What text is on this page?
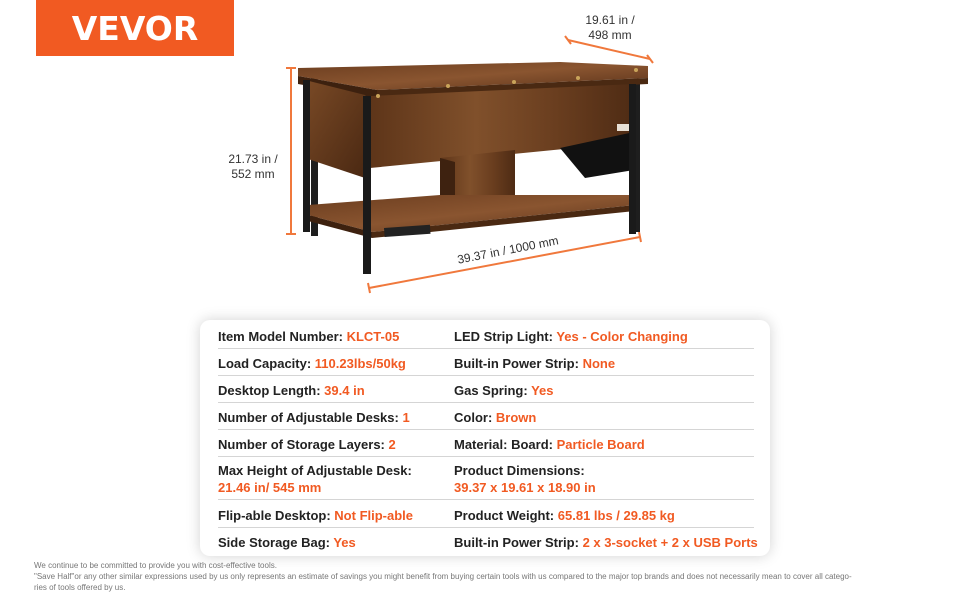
VEVOR	19.61 in / 498 mm
21.73 in /
552 mm
39.37 in / 1000 mm
Item Model Number: KLCT-05	LED Strip Light: Yes - Color Changing
Load Capacity: 110.23lbs/50kg	Built-in Power Strip: None
Desktop Length: 39.4 in	Gas Spring: Yes
Number of Adjustable Desks: 1	Color: Brown
Number of Storage Layers: 2	Material: Board: Particle Board
Max Height of Adjustable Desk:
21.46 in/ 545 mm
Product Dimensions:
39.37 x 19.61 x 18.90 in
Flip-able Desktop: Not Flip-able	Product Weight: 65.81 lbs / 29.85 kg
Side Storage Bag: Yes	Built-in Power Strip: 2 x 3-socket + 2 x USB Ports
We continue to be committed to provide you with cost-effective tools.
"Save Half"or any other similar expressions used by us only represents an estimate of savings you might benefit from buying certain tools with us compared to the major top brands and does not necessarily mean to cover all catego-
ries of tools offered by us.
